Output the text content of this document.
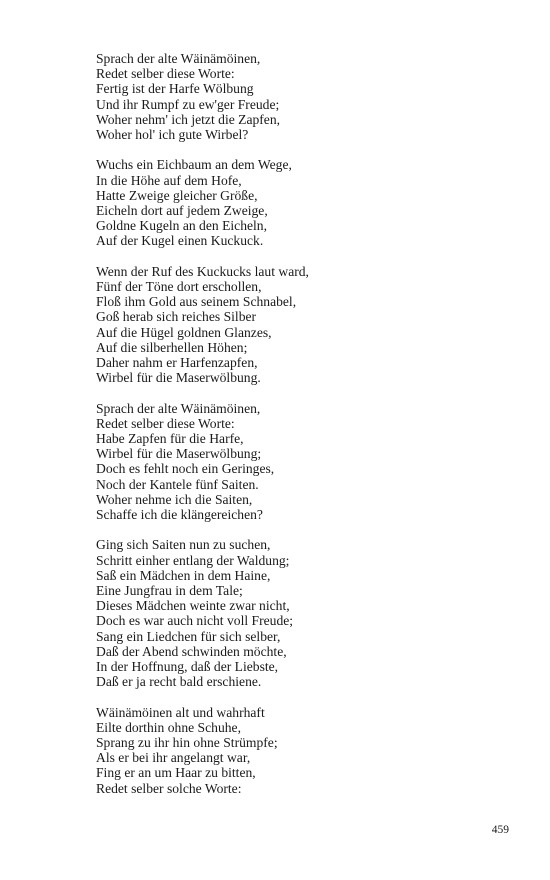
Sprach der alte Wäinämöinen,
Redet selber diese Worte:
Fertig ist der Harfe Wölbung
Und ihr Rumpf zu ew'ger Freude;
Woher nehm' ich jetzt die Zapfen,
Woher hol' ich gute Wirbel?
Wuchs ein Eichbaum an dem Wege,
In die Höhe auf dem Hofe,
Hatte Zweige gleicher Größe,
Eicheln dort auf jedem Zweige,
Goldne Kugeln an den Eicheln,
Auf der Kugel einen Kuckuck.
Wenn der Ruf des Kuckucks laut ward,
Fünf der Töne dort erschollen,
Floß ihm Gold aus seinem Schnabel,
Goß herab sich reiches Silber
Auf die Hügel goldnen Glanzes,
Auf die silberhellen Höhen;
Daher nahm er Harfenzapfen,
Wirbel für die Maserwölbung.
Sprach der alte Wäinämöinen,
Redet selber diese Worte:
Habe Zapfen für die Harfe,
Wirbel für die Maserwölbung;
Doch es fehlt noch ein Geringes,
Noch der Kantele fünf Saiten.
Woher nehme ich die Saiten,
Schaffe ich die klängereichen?
Ging sich Saiten nun zu suchen,
Schritt einher entlang der Waldung;
Saß ein Mädchen in dem Haine,
Eine Jungfrau in dem Tale;
Dieses Mädchen weinte zwar nicht,
Doch es war auch nicht voll Freude;
Sang ein Liedchen für sich selber,
Daß der Abend schwinden möchte,
In der Hoffnung, daß der Liebste,
Daß er ja recht bald erschiene.
Wäinämöinen alt und wahrhaft
Eilte dorthin ohne Schuhe,
Sprang zu ihr hin ohne Strümpfe;
Als er bei ihr angelangt war,
Fing er an um Haar zu bitten,
Redet selber solche Worte:
459
